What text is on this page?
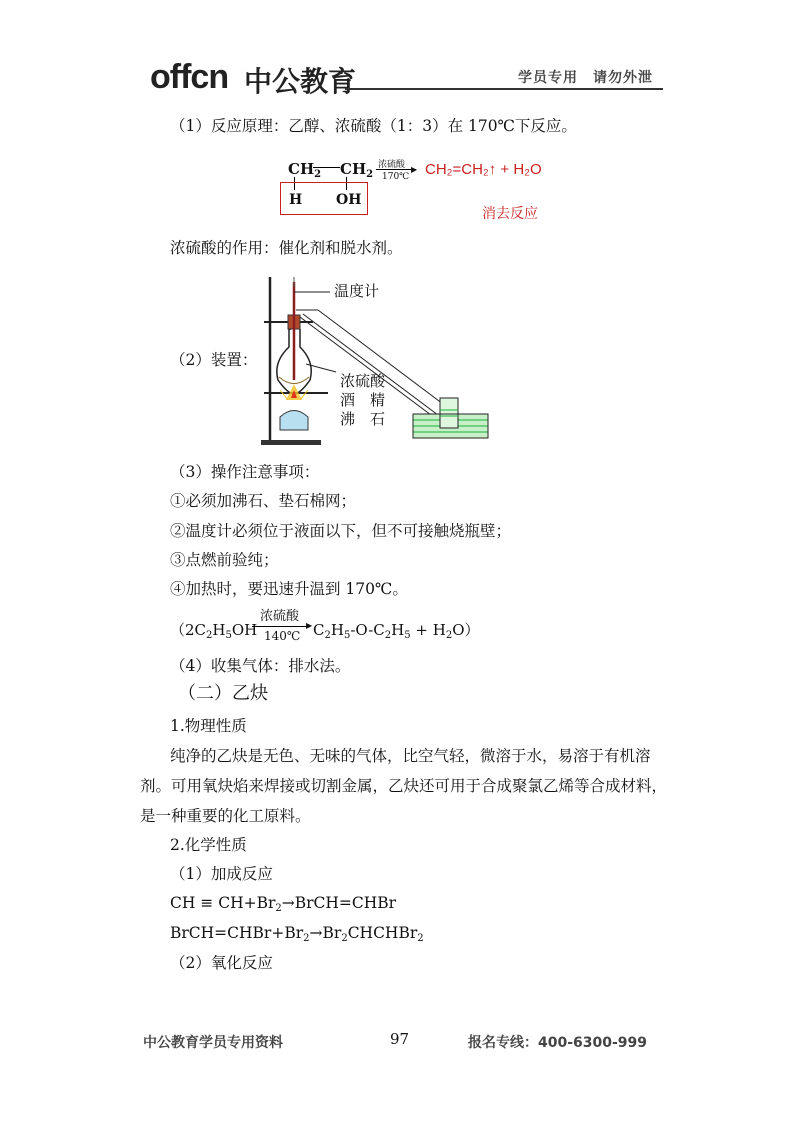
offcn 中公教育	学员专用　请勿外泄
（1）反应原理：乙醇、浓硫酸（1：3）在 170℃下反应。
$CH_2$ $CH_2$
H OH
浓硫酸 ▶
170℃ CH₂=CH₂↑ + H₂O
消去反应
浓硫酸的作用：催化剂和脱水剂。
（2）装置：
温度计
浓硫酸
酒　精
沸　石
（3）操作注意事项：
①必须加沸石、垫石棉网；
②温度计必须位于液面以下，但不可接触烧瓶壁；
③点燃前验纯；
④加热时，要迅速升温到 170℃。
（$2C_2H_5OH$
浓硫酸
▶
140℃ $C_2H_5-O-C_2H_5 + H_2O$）
（4）收集气体：排水法。
（二）乙炔
1.物理性质
纯净的乙炔是无色、无味的气体，比空气轻，微溶于水，易溶于有机溶
剂。可用氧炔焰来焊接或切割金属，乙炔还可用于合成聚氯乙烯等合成材料，
是一种重要的化工原料。
2.化学性质
（1）加成反应
CH ≡ $CH+Br_2\to BrCH=CHBr$
$BrCH=CHBr+Br_2\to Br_2CHCHBr_2$
（2）氧化反应
中公教育学员专用资料	97	报名专线：400-6300-999
